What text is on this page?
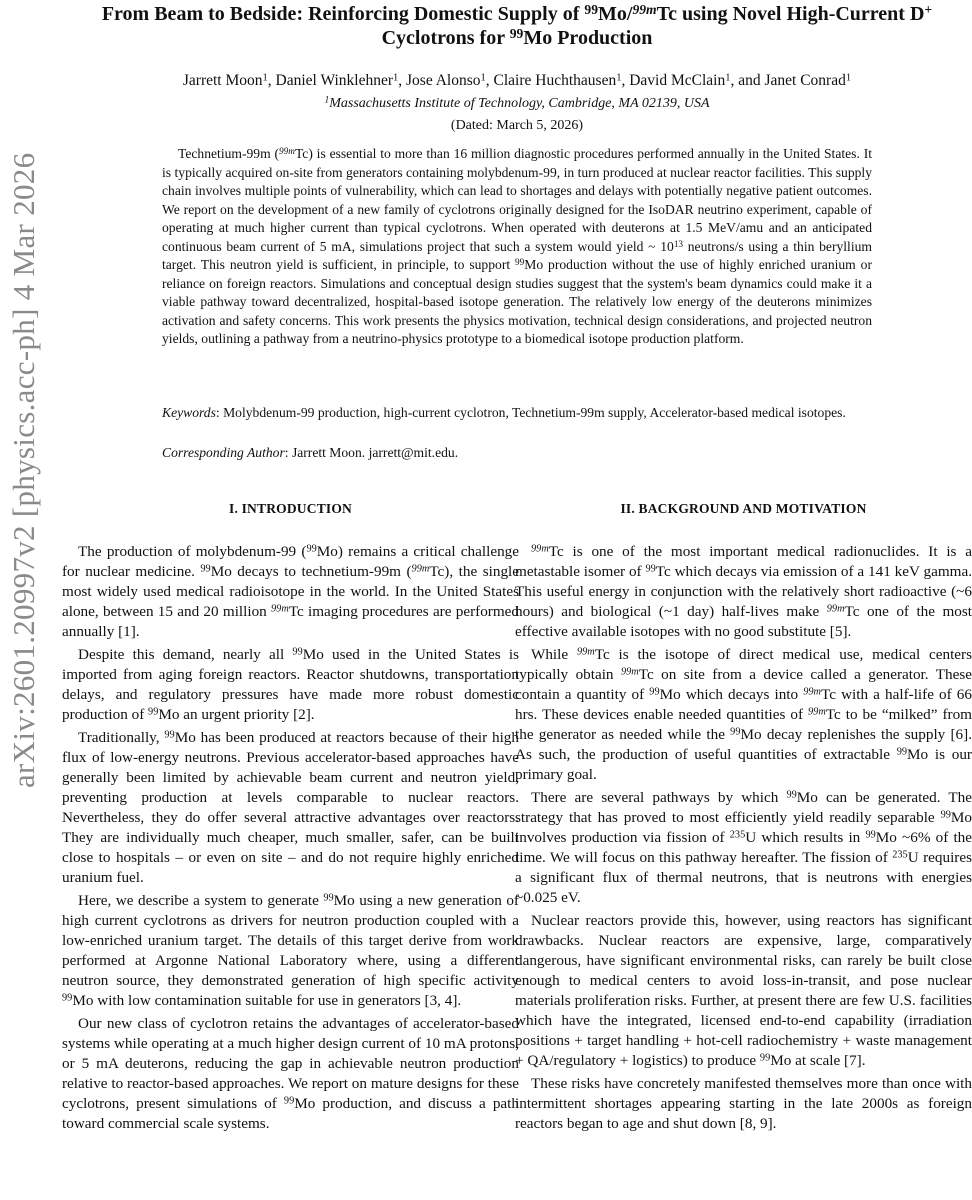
arXiv:2601.20997v2 [physics.acc-ph] 4 Mar 2026
From Beam to Bedside: Reinforcing Domestic Supply of $^{99}$Mo/$^{99m}$Tc using Novel High-Current D+
Cyclotrons for $^{99}$Mo Production
Jarrett Moon$^1$, Daniel Winklehner$^1$, Jose Alonso$^1$, Claire Huchthausen$^1$, David McClain$^1$, and Janet Conrad$^1$
$^1$Massachusetts Institute of Technology, Cambridge, MA 02139, USA
(Dated: March 5, 2026)

Technetium-99m ($^{99m}$Tc) is essential to more than 16 million diagnostic procedures performed annually in the United States. It is typically acquired on-site from generators containing molybdenum-99, in turn produced at nuclear reactor facilities. This supply chain involves multiple points of vulnerability, which can lead to shortages and delays with potentially negative patient outcomes. We report on the development of a new family of cyclotrons originally designed for the IsoDAR neutrino experiment, capable of operating at much higher current than typical cyclotrons. When operated with deuterons at 1.5 MeV/amu and an anticipated continuous beam current of 5 mA, simulations project that such a system would yield ~ $10^{13}$ neutrons/s using a thin beryllium target. This neutron yield is sufficient, in principle, to support $^{99}$Mo production without the use of highly enriched uranium or reliance on foreign reactors. Simulations and conceptual design studies suggest that the system's beam dynamics could make it a viable pathway toward decentralized, hospital-based isotope generation. The relatively low energy of the deuterons minimizes activation and safety concerns. This work presents the physics motivation, technical design considerations, and projected neutron yields, outlining a pathway from a neutrino-physics prototype to a biomedical isotope production platform.

Keywords: Molybdenum-99 production, high-current cyclotron, Technetium-99m supply, Accelerator-based medical isotopes.

Corresponding Author: Jarrett Moon. jarrett@mit.edu.

I. INTRODUCTION

The production of molybdenum-99 ($^{99}$Mo) remains a critical challenge for nuclear medicine. $^{99}$Mo decays to technetium-99m ($^{99m}$Tc), the single most widely used medical radioisotope in the world. In the United States alone, between 15 and 20 million $^{99m}$Tc imaging procedures are performed annually [1].

Despite this demand, nearly all $^{99}$Mo used in the United States is imported from aging foreign reactors. Reactor shutdowns, transportation delays, and regulatory pressures have made more robust domestic production of $^{99}$Mo an urgent priority [2].

Traditionally, $^{99}$Mo has been produced at reactors because of their high flux of low-energy neutrons. Previous accelerator-based approaches have generally been limited by achievable beam current and neutron yield, preventing production at levels comparable to nuclear reactors. Nevertheless, they do offer several attractive advantages over reactors. They are individually much cheaper, much smaller, safer, can be built close to hospitals – or even on site – and do not require highly enriched uranium fuel.

Here, we describe a system to generate $^{99}$Mo using a new generation of high current cyclotrons as drivers for neutron production coupled with a low-enriched uranium target. The details of this target derive from work performed at Argonne National Laboratory where, using a different neutron source, they demonstrated generation of high specific activity $^{99}$Mo with low contamination suitable for use in generators [3, 4].

Our new class of cyclotron retains the advantages of accelerator-based systems while operating at a much higher design current of 10 mA protons, or 5 mA deuterons, reducing the gap in achievable neutron production relative to reactor-based approaches. We report on mature designs for these cyclotrons, present simulations of $^{99}$Mo production, and discuss a path toward commercial scale systems.

II. BACKGROUND AND MOTIVATION

$^{99m}$Tc is one of the most important medical radionuclides. It is a metastable isomer of $^{99}$Tc which decays via emission of a 141 keV gamma. This useful energy in conjunction with the relatively short radioactive (~6 hours) and biological (~1 day) half-lives make $^{99m}$Tc one of the most effective available isotopes with no good substitute [5].

While $^{99m}$Tc is the isotope of direct medical use, medical centers typically obtain $^{99m}$Tc on site from a device called a generator. These contain a quantity of $^{99}$Mo which decays into $^{99m}$Tc with a half-life of 66 hrs. These devices enable needed quantities of $^{99m}$Tc to be “milked” from the generator as needed while the $^{99}$Mo decay replenishes the supply [6]. As such, the production of useful quantities of extractable $^{99}$Mo is our primary goal.

There are several pathways by which $^{99}$Mo can be generated. The strategy that has proved to most efficiently yield readily separable $^{99}$Mo involves production via fission of $^{235}$U which results in $^{99}$Mo ~6% of the time. We will focus on this pathway hereafter. The fission of $^{235}$U requires a significant flux of thermal neutrons, that is neutrons with energies ~0.025 eV.

Nuclear reactors provide this, however, using reactors has significant drawbacks. Nuclear reactors are expensive, large, comparatively dangerous, have significant environmental risks, can rarely be built close enough to medical centers to avoid loss-in-transit, and pose nuclear materials proliferation risks. Further, at present there are few U.S. facilities which have the integrated, licensed end-to-end capability (irradiation positions + target handling + hot-cell radiochemistry + waste management + QA/regulatory + logistics) to produce $^{99}$Mo at scale [7].

These risks have concretely manifested themselves more than once with intermittent shortages appearing starting in the late 2000s as foreign reactors began to age and shut down [8, 9].
